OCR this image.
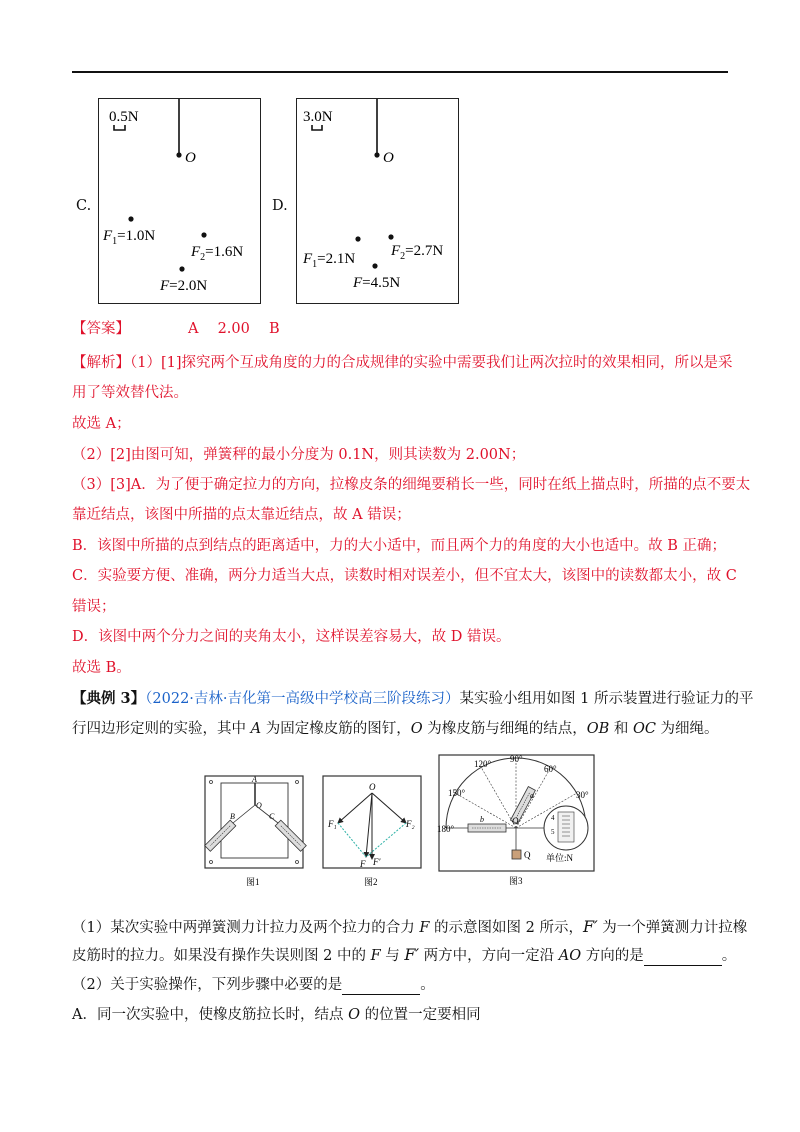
C.
0.5N
O
$F_1=1.0N$
$F_2=1.6N$
F=2.0N
D.
3.0N
O
$F_1=2.1N$ $F_2=2.7N$
F=4.5N
【答案】	A　 2.00　 B
【解析】（1）[1]探究两个互成角度的力的合成规律的实验中需要我们让两次拉时的效果相同，所以是采
用了等效替代法。
故选 A；
（2）[2]由图可知，弹簧秤的最小分度为 0.1N，则其读数为 2.00N；
（3）[3]A．为了便于确定拉力的方向，拉橡皮条的细绳要稍长一些，同时在纸上描点时，所描的点不要太
靠近结点，该图中所描的点太靠近结点，故 A 错误；
B．该图中所描的点到结点的距离适中，力的大小适中，而且两个力的角度的大小也适中。故 B 正确；
C．实验要方便、准确，两分力适当大点，读数时相对误差小，但不宜太大，该图中的读数都太小，故 C
错误；
D．该图中两个分力之间的夹角太小，这样误差容易大，故 D 错误。
故选 B。
【典例 3】（2022·吉林·吉化第一高级中学校高三阶段练习）某实验小组用如图 1 所示装置进行验证力的平
行四边形定则的实验，其中 A 为固定橡皮筋的图钉，O 为橡皮筋与细绳的结点，OB 和 OC 为细绳。
A
O
B	C
图1
O
F₁	F₂
F F′
图2
90°
120°	60°
150°	30°
180°
a
b	O
Q
4
5
单位:N
图3
（1）某次实验中两弹簧测力计拉力及两个拉力的合力 F 的示意图如图 2 所示，F′ 为一个弹簧测力计拉橡
皮筋时的拉力。如果没有操作失误则图 2 中的 F 与 F′ 两方中，方向一定沿 AO 方向的是	。
（2）关于实验操作，下列步骤中必要的是	。
A．同一次实验中，使橡皮筋拉长时，结点 O 的位置一定要相同
